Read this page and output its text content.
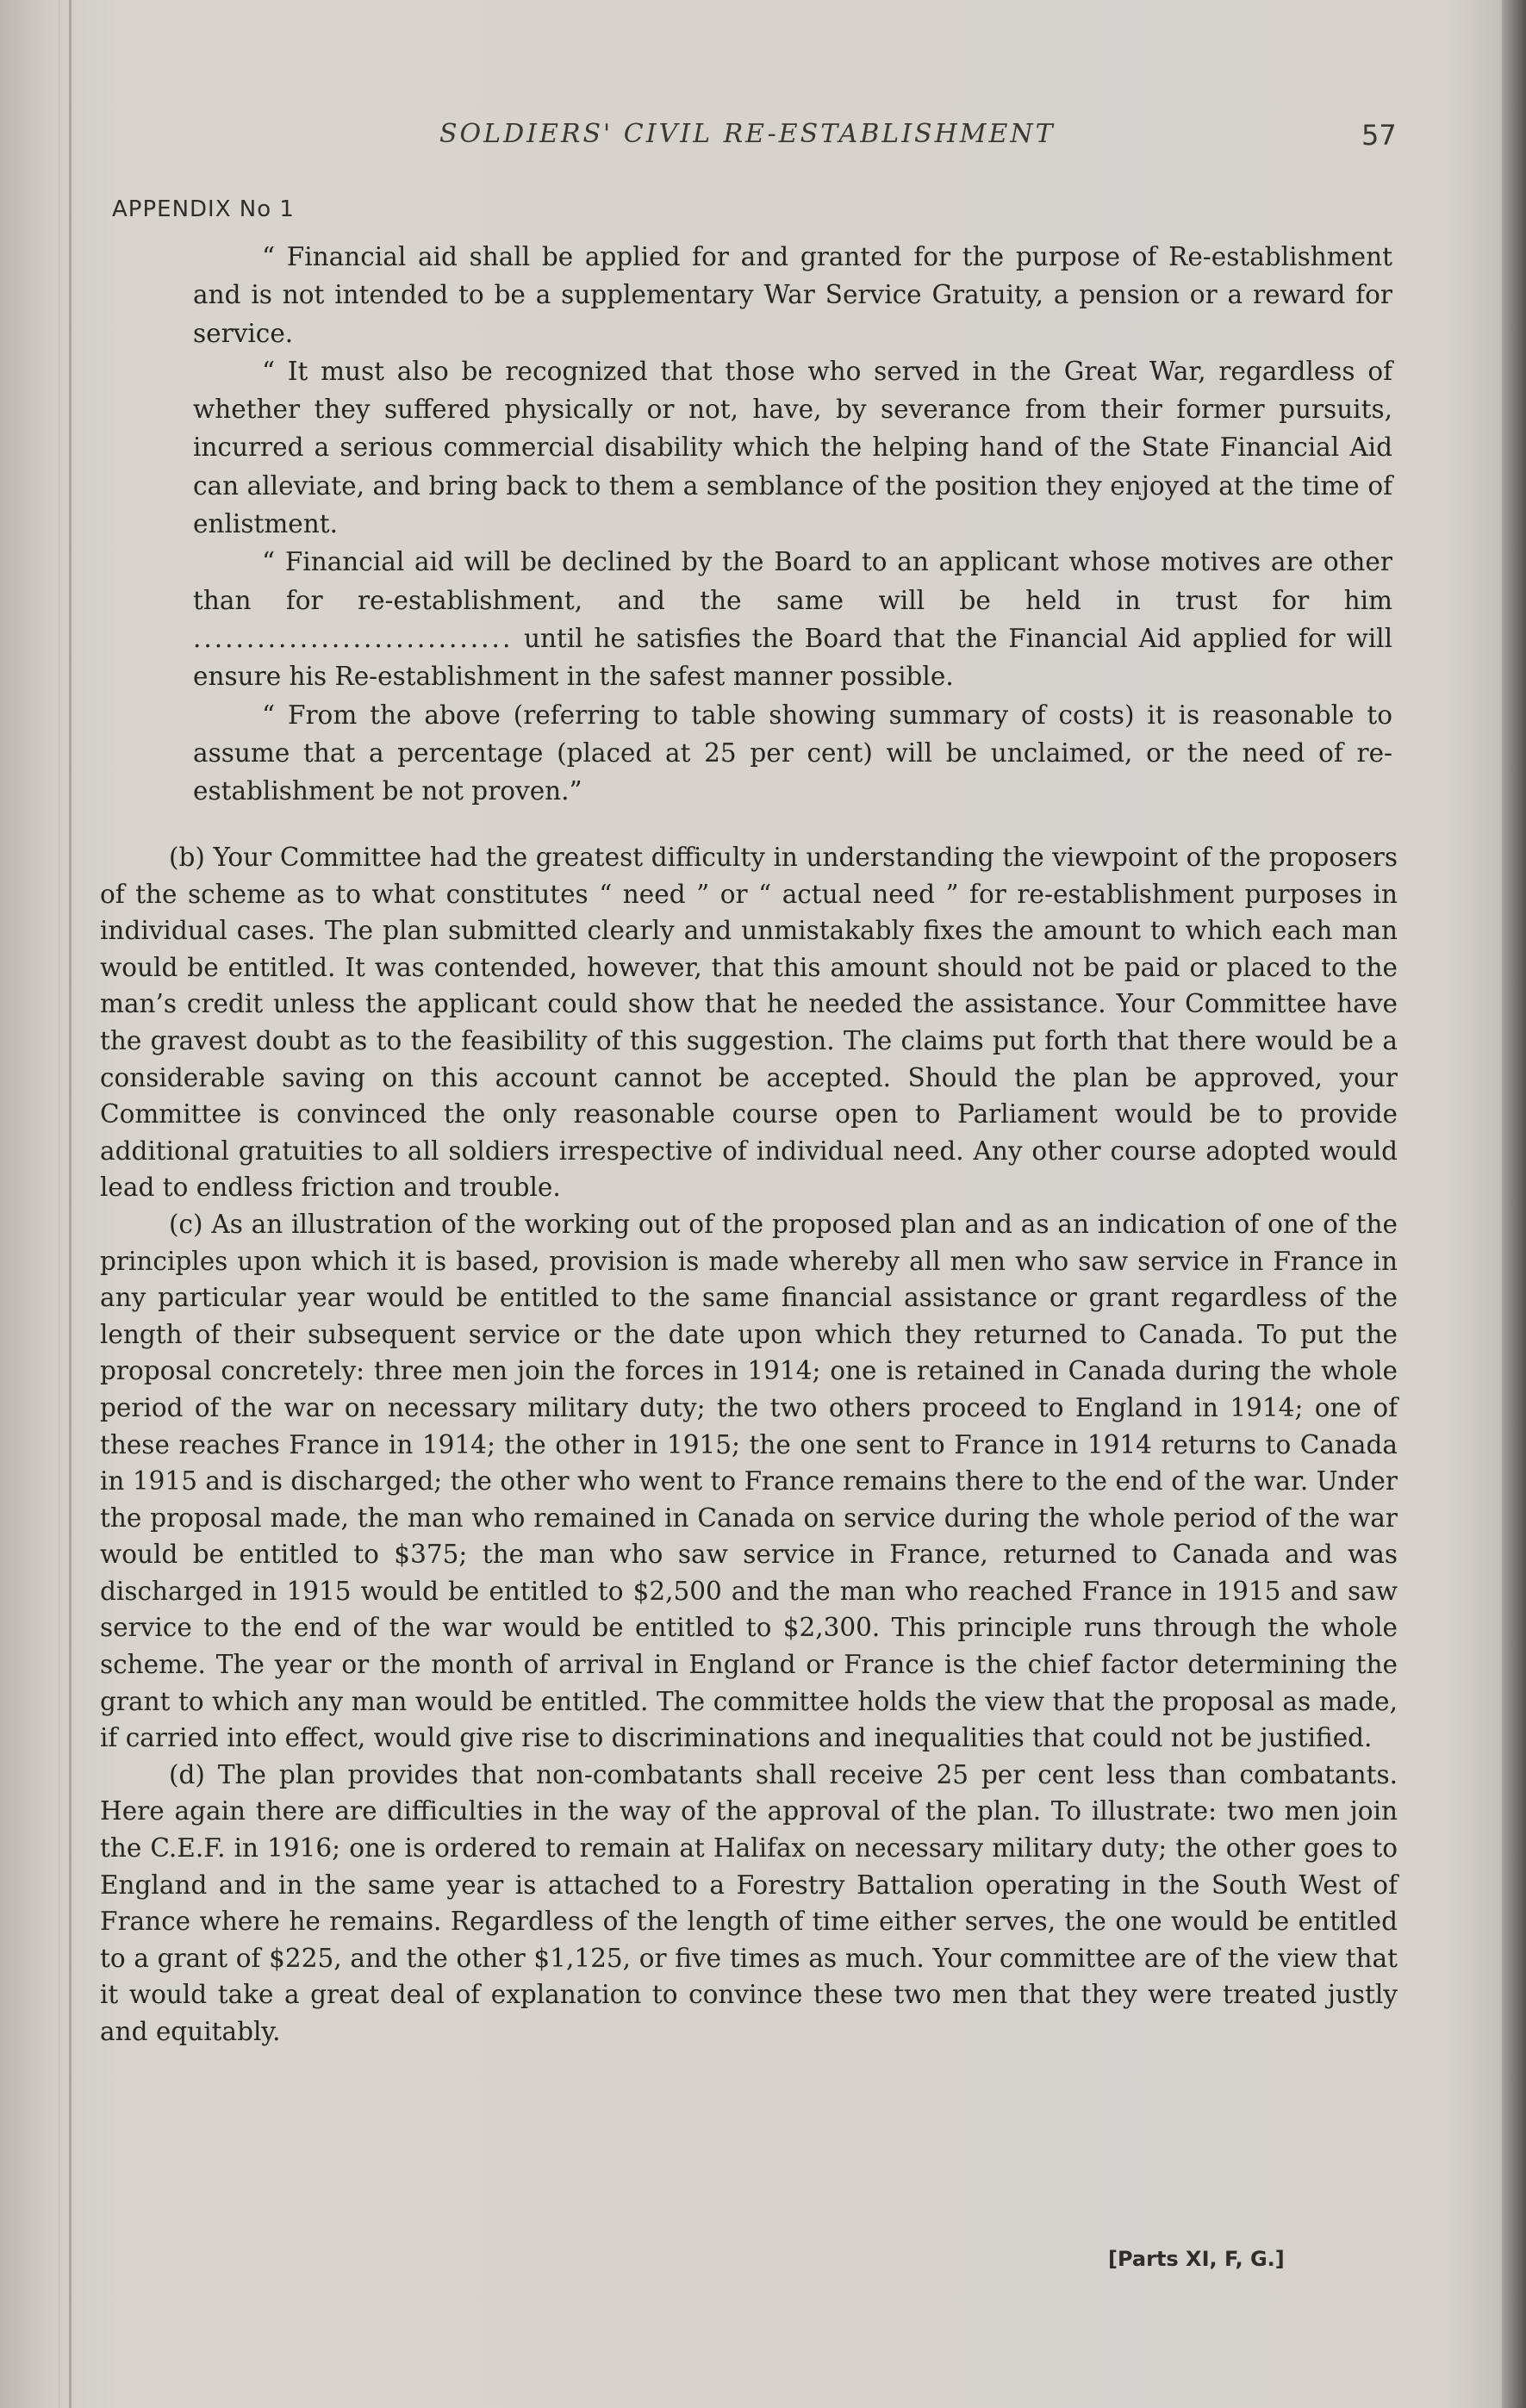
SOLDIERS' CIVIL RE-ESTABLISHMENT	57
APPENDIX No 1

“ Financial aid shall be applied for and granted for the purpose of Re-establishment and is not intended to be a supplementary War Service Gratuity, a pension or a reward for service.

“ It must also be recognized that those who served in the Great War, regardless of whether they suffered physically or not, have, by severance from their former pursuits, incurred a serious commercial disability which the helping hand of the State Financial Aid can alleviate, and bring back to them a semblance of the position they enjoyed at the time of enlistment.

“ Financial aid will be declined by the Board to an applicant whose motives are other than for re-establishment, and the same will be held in trust for him .............................. until he satisfies the Board that the Financial Aid applied for will ensure his Re-establishment in the safest manner possible.

“ From the above (referring to table showing summary of costs) it is reasonable to assume that a percentage (placed at 25 per cent) will be unclaimed, or the need of re-establishment be not proven.”

(b) Your Committee had the greatest difficulty in understanding the viewpoint of the proposers of the scheme as to what constitutes “ need ” or “ actual need ” for re-establishment purposes in individual cases. The plan submitted clearly and unmistakably fixes the amount to which each man would be entitled. It was contended, however, that this amount should not be paid or placed to the man’s credit unless the applicant could show that he needed the assistance. Your Committee have the gravest doubt as to the feasibility of this suggestion. The claims put forth that there would be a considerable saving on this account cannot be accepted. Should the plan be approved, your Committee is convinced the only reasonable course open to Parliament would be to provide additional gratuities to all soldiers irrespective of individual need. Any other course adopted would lead to endless friction and trouble.

(c) As an illustration of the working out of the proposed plan and as an indication of one of the principles upon which it is based, provision is made whereby all men who saw service in France in any particular year would be entitled to the same financial assistance or grant regardless of the length of their subsequent service or the date upon which they returned to Canada. To put the proposal concretely: three men join the forces in 1914; one is retained in Canada during the whole period of the war on necessary military duty; the two others proceed to England in 1914; one of these reaches France in 1914; the other in 1915; the one sent to France in 1914 returns to Canada in 1915 and is discharged; the other who went to France remains there to the end of the war. Under the proposal made, the man who remained in Canada on service during the whole period of the war would be entitled to $375; the man who saw service in France, returned to Canada and was discharged in 1915 would be entitled to $2,500 and the man who reached France in 1915 and saw service to the end of the war would be entitled to $2,300. This principle runs through the whole scheme. The year or the month of arrival in England or France is the chief factor determining the grant to which any man would be entitled. The committee holds the view that the proposal as made, if carried into effect, would give rise to discriminations and inequalities that could not be justified.

(d) The plan provides that non-combatants shall receive 25 per cent less than combatants. Here again there are difficulties in the way of the approval of the plan. To illustrate: two men join the C.E.F. in 1916; one is ordered to remain at Halifax on necessary military duty; the other goes to England and in the same year is attached to a Forestry Battalion operating in the South West of France where he remains. Regardless of the length of time either serves, the one would be entitled to a grant of $225, and the other $1,125, or five times as much. Your committee are of the view that it would take a great deal of explanation to convince these two men that they were treated justly and equitably.

[Parts XI, F, G.]
